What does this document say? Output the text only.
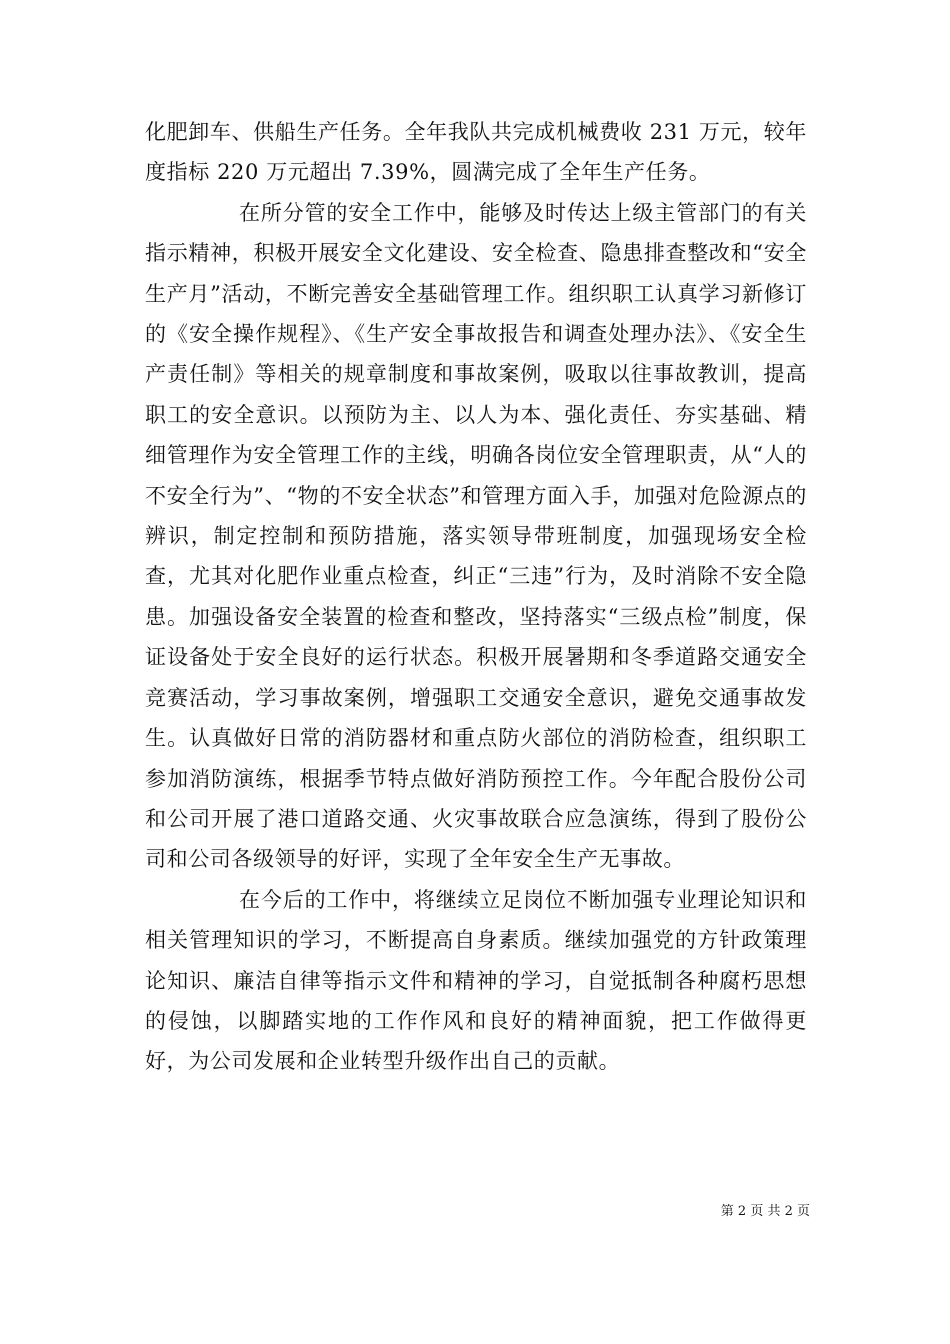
化肥卸车、供船生产任务。全年我队共完成机械费收 231 万元，较年度指标 220 万元超出 7.39%，圆满完成了全年生产任务。

在所分管的安全工作中，能够及时传达上级主管部门的有关指示精神，积极开展安全文化建设、安全检查、隐患排查整改和“安全生产月”活动，不断完善安全基础管理工作。组织职工认真学习新修订的《安全操作规程》、《生产安全事故报告和调查处理办法》、《安全生产责任制》等相关的规章制度和事故案例，吸取以往事故教训，提高职工的安全意识。以预防为主、以人为本、强化责任、夯实基础、精细管理作为安全管理工作的主线，明确各岗位安全管理职责，从“人的不安全行为”、“物的不安全状态”和管理方面入手，加强对危险源点的辨识，制定控制和预防措施，落实领导带班制度，加强现场安全检查，尤其对化肥作业重点检查，纠正“三违”行为，及时消除不安全隐患。加强设备安全装置的检查和整改，坚持落实“三级点检”制度，保证设备处于安全良好的运行状态。积极开展暑期和冬季道路交通安全竞赛活动，学习事故案例，增强职工交通安全意识，避免交通事故发生。认真做好日常的消防器材和重点防火部位的消防检查，组织职工参加消防演练，根据季节特点做好消防预控工作。今年配合股份公司和公司开展了港口道路交通、火灾事故联合应急演练，得到了股份公司和公司各级领导的好评，实现了全年安全生产无事故。

在今后的工作中，将继续立足岗位不断加强专业理论知识和相关管理知识的学习，不断提高自身素质。继续加强党的方针政策理论知识、廉洁自律等指示文件和精神的学习，自觉抵制各种腐朽思想的侵蚀，以脚踏实地的工作作风和良好的精神面貌，把工作做得更好，为公司发展和企业转型升级作出自己的贡献。

第 2 页 共 2 页
